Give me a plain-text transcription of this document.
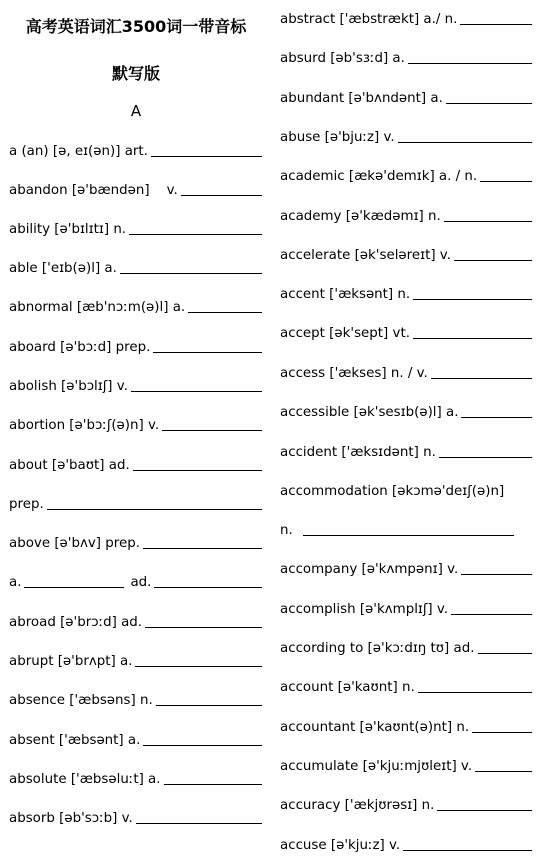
高考英语词汇3500词一带音标
默写版
A
a (an) [ə, eɪ(ən)] art.
abandon [ə'bændən]    v.
ability [ə'bɪlɪtɪ] n.
able ['eɪb(ə)l] a.
abnormal [æb'nɔːm(ə)l] a.
aboard [ə'bɔːd] prep.
abolish [ə'bɔlɪʃ] v.
abortion [ə'bɔːʃ(ə)n] v.
about [ə'baʊt] ad.
prep.
above [ə'bʌv] prep.
a.	ad.
abroad [ə'brɔːd] ad.
abrupt [ə'brʌpt] a.
absence ['æbsəns] n.
absent ['æbsənt] a.
absolute ['æbsəluːt] a.
absorb [əb'sɔːb] v.
abstract ['æbstrækt] a./ n.
absurd [əb'sɜːd] a.
abundant [ə'bʌndənt] a.
abuse [ə'bjuːz] v.
academic [ækə'demɪk] a. / n.
academy [ə'kædəmɪ] n.
accelerate [ək'seləreɪt] v.
accent ['æksənt] n.
accept [ək'sept] vt.
access ['ækses] n. / v.
accessible [ək'sesɪb(ə)l] a.
accident ['æksɪdənt] n.
accommodation [əkɔmə'deɪʃ(ə)n]
n.
accompany [ə'kʌmpənɪ] v.
accomplish [ə'kʌmplɪʃ] v.
according to [ə'kɔːdɪŋ tʊ] ad.
account [ə'kaʊnt] n.
accountant [ə'kaʊnt(ə)nt] n.
accumulate [ə'kjuːmjʊleɪt] v.
accuracy ['ækjʊrəsɪ] n.
accuse [ə'kjuːz] v.
